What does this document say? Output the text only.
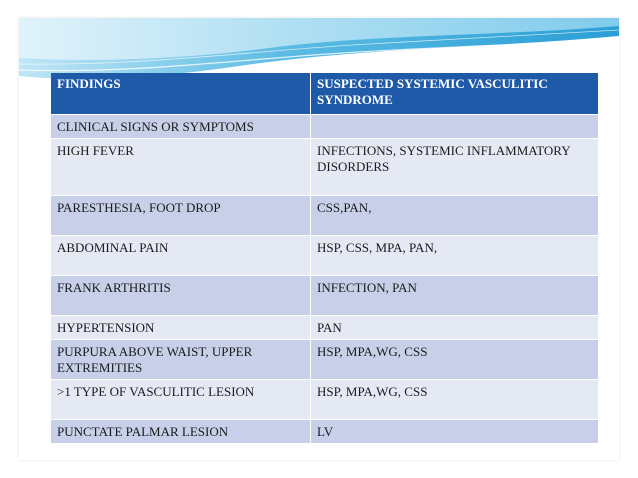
FINDINGS	SUSPECTED SYSTEMIC VASCULITIC SYNDROME
CLINICAL SIGNS OR SYMPTOMS	
HIGH FEVER	INFECTIONS, SYSTEMIC INFLAMMATORY DISORDERS
PARESTHESIA, FOOT DROP	CSS,PAN,
ABDOMINAL PAIN	HSP, CSS, MPA, PAN,
FRANK ARTHRITIS	INFECTION, PAN
HYPERTENSION	PAN
PURPURA ABOVE WAIST, UPPER EXTREMITIES	HSP, MPA,WG, CSS
>1 TYPE OF VASCULITIC LESION	HSP, MPA,WG, CSS
PUNCTATE PALMAR LESION	LV
